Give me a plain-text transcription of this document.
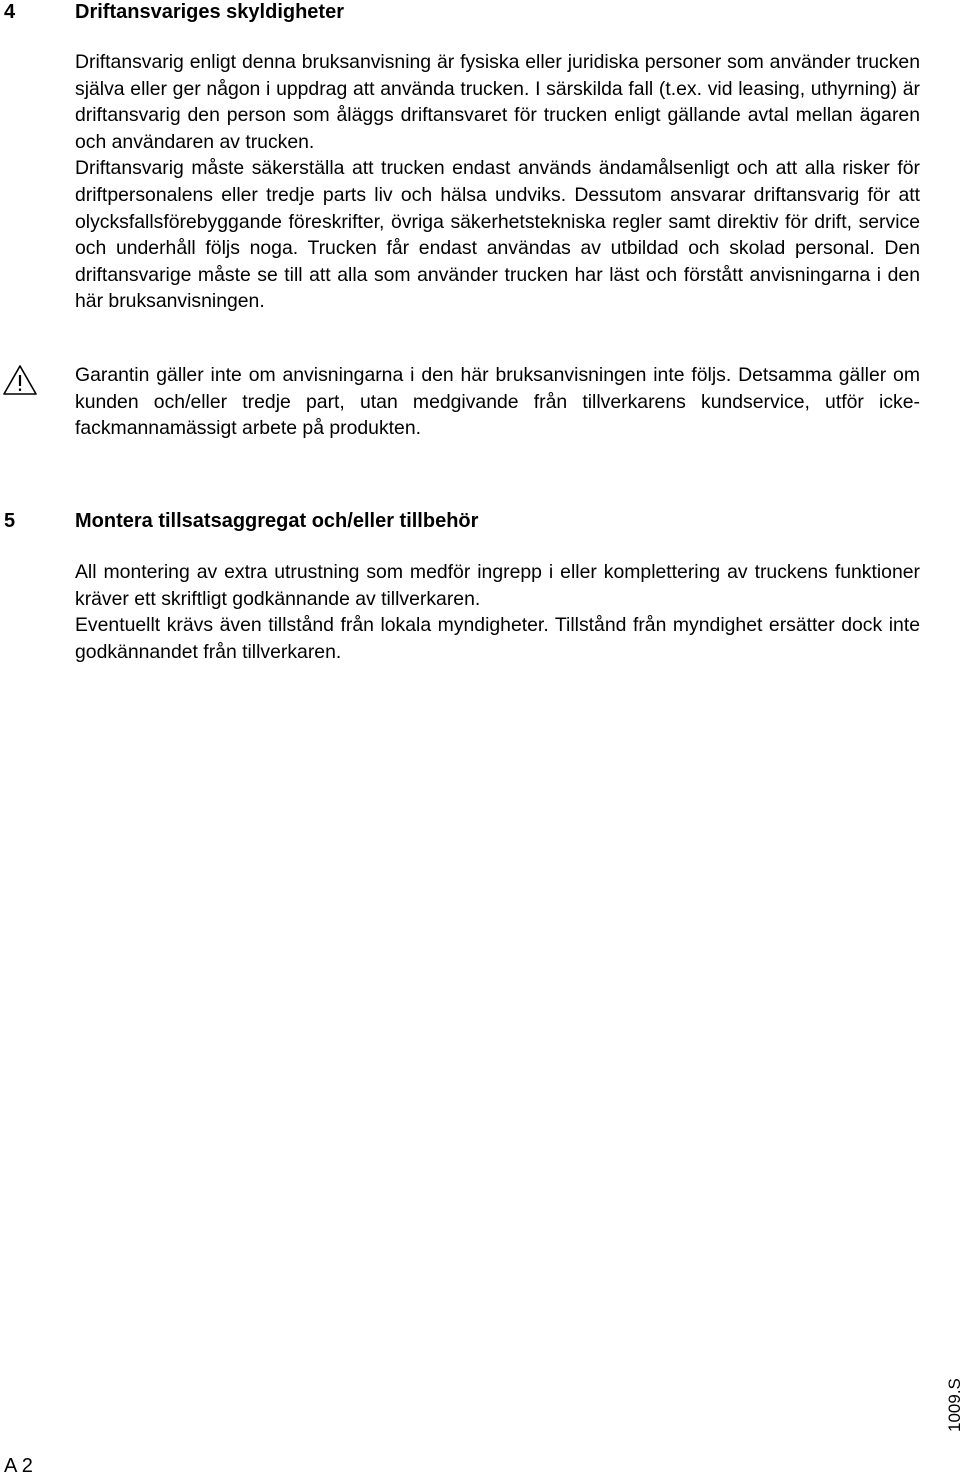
4	Driftansvariges skyldigheter

Driftansvarig enligt denna bruksanvisning är fysiska eller juridiska personer som använder trucken själva eller ger någon i uppdrag att använda trucken. I särskilda fall (t.ex. vid leasing, uthyrning) är driftansvarig den person som åläggs driftansvaret för trucken enligt gällande avtal mellan ägaren och användaren av trucken.

Driftansvarig måste säkerställa att trucken endast används ändamålsenligt och att alla risker för driftpersonalens eller tredje parts liv och hälsa undviks. Dessutom ansvarar driftansvarig för att olycksfallsförebyggande föreskrifter, övriga säkerhetstekniska regler samt direktiv för drift, service och underhåll följs noga. Trucken får endast användas av utbildad och skolad personal. Den driftansvarige måste se till att alla som använder trucken har läst och förstått anvisningarna i den här bruksanvisningen.

Garantin gäller inte om anvisningarna i den här bruksanvisningen inte följs. Detsamma gäller om kunden och/eller tredje part, utan medgivande från tillverkarens kundservice, utför icke-fackmannamässigt arbete på produkten.

5	Montera tillsatsaggregat och/eller tillbehör

All montering av extra utrustning som medför ingrepp i eller komplettering av truckens funktioner kräver ett skriftligt godkännande av tillverkaren.

Eventuellt krävs även tillstånd från lokala myndigheter. Tillstånd från myndighet ersätter dock inte godkännandet från tillverkaren.

A 2
1009.S
